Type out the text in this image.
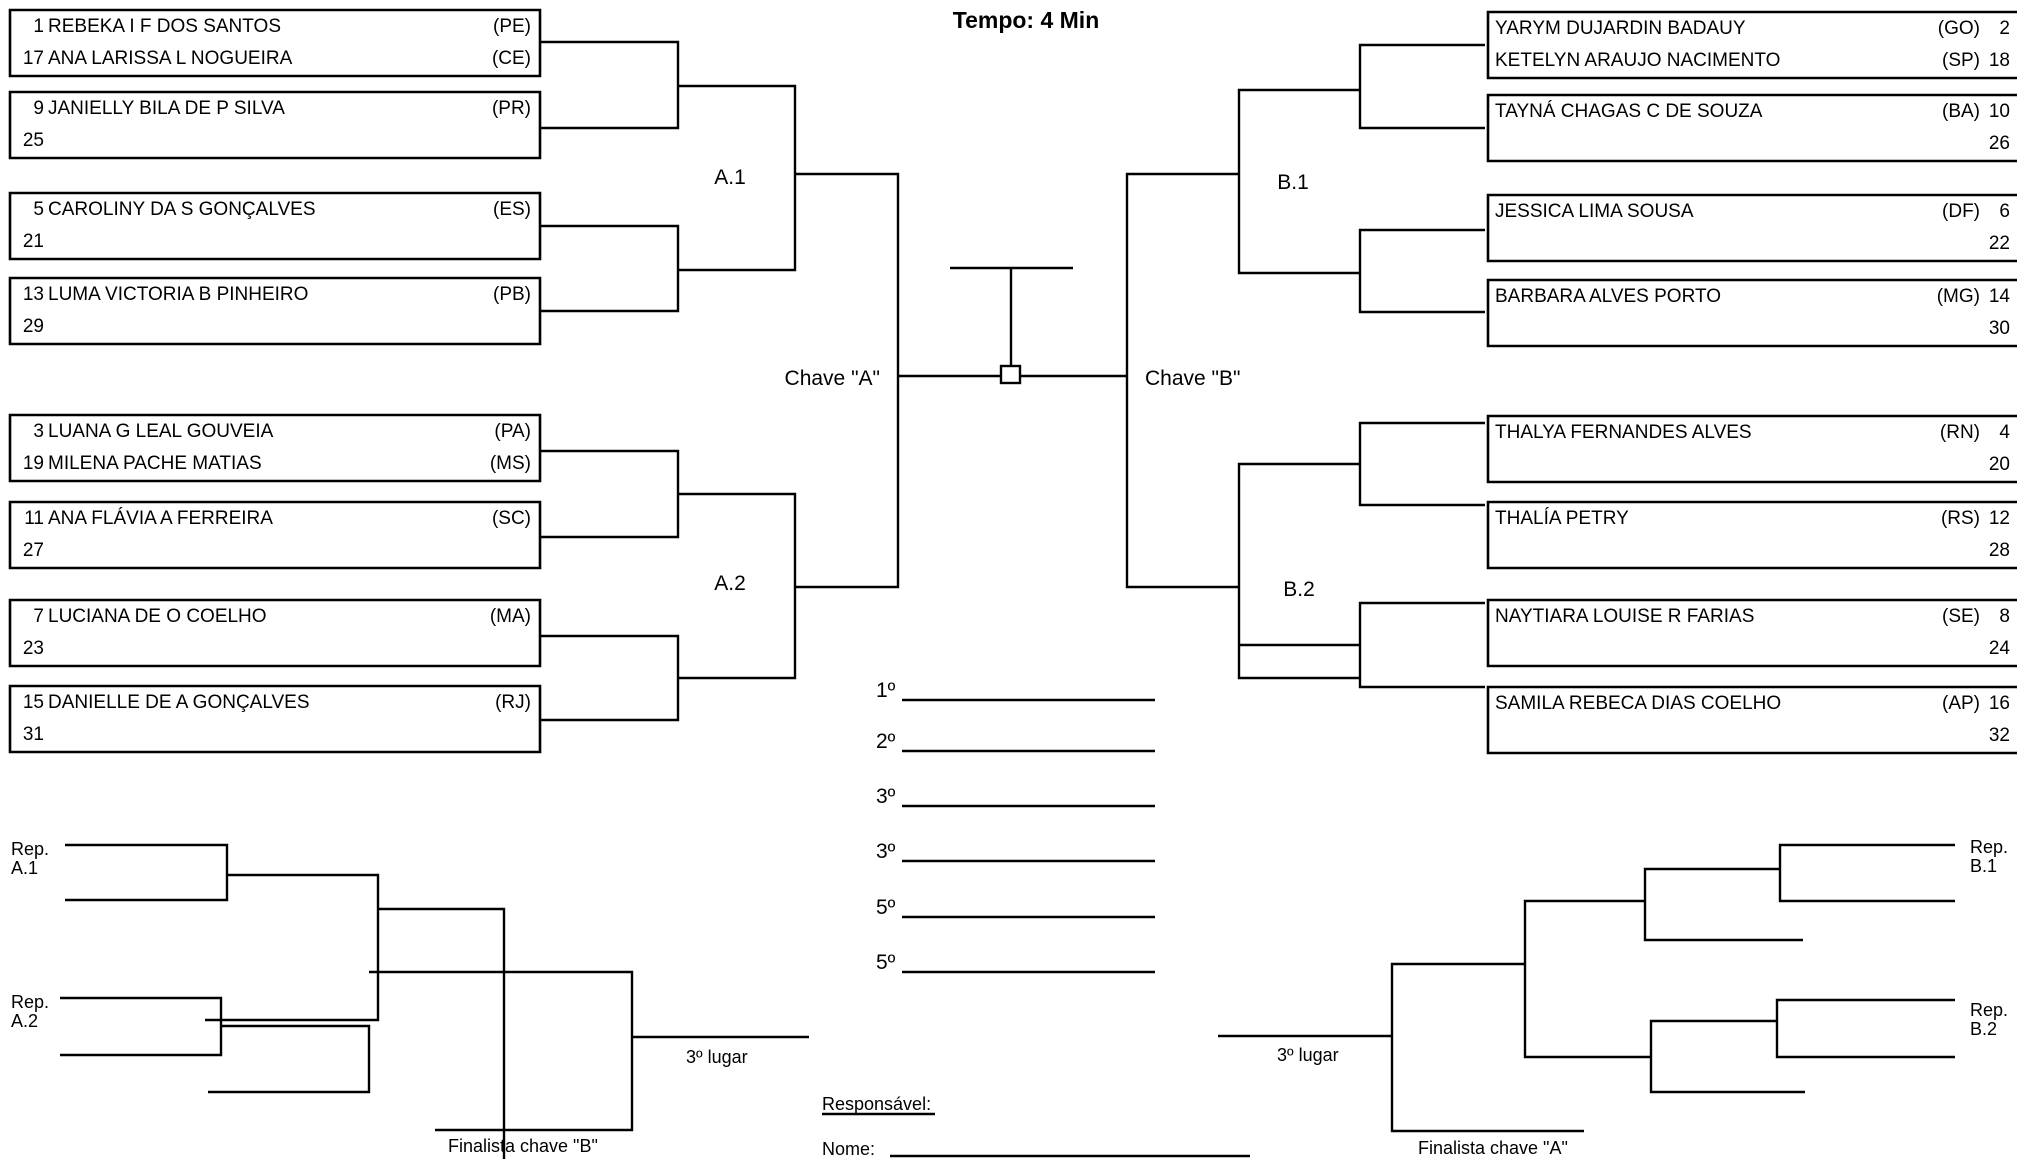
Tempo: 4 Min
1 REBEKA I F DOS SANTOS	(PE)
17 ANA LARISSA L NOGUEIRA	(CE)
9 JANIELLY BILA DE P SILVA	(PR)
25
5 CAROLINY DA S GONÇALVES	(ES)
21
13 LUMA VICTORIA B PINHEIRO	(PB)
29
3 LUANA G LEAL GOUVEIA	(PA)
19 MILENA PACHE MATIAS	(MS)
11 ANA FLÁVIA A FERREIRA	(SC)
27
7 LUCIANA DE O COELHO	(MA)
23
15 DANIELLE DE A GONÇALVES	(RJ)
31
YARYM DUJARDIN BADAUY	(GO) 2
KETELYN ARAUJO NACIMENTO	(SP) 18
TAYNÁ CHAGAS C DE SOUZA	(BA) 10
26
JESSICA LIMA SOUSA	(DF) 6
22
BARBARA ALVES PORTO	(MG) 14
30
THALYA FERNANDES ALVES	(RN) 4
20
THALÍA PETRY	(RS) 12
28
NAYTIARA LOUISE R FARIAS	(SE) 8
24
SAMILA REBECA DIAS COELHO	(AP) 16
32
A.1
A.2
B.1
B.2
Chave "A"	Chave "B"
1º
2º
3º
3º
5º
5º
Rep. A.1
Rep. A.2
3º lugar
Finalista chave "B"
Rep. B.1
Rep. B.2
3º lugar
Finalista chave "A"
Responsável:
Nome:
